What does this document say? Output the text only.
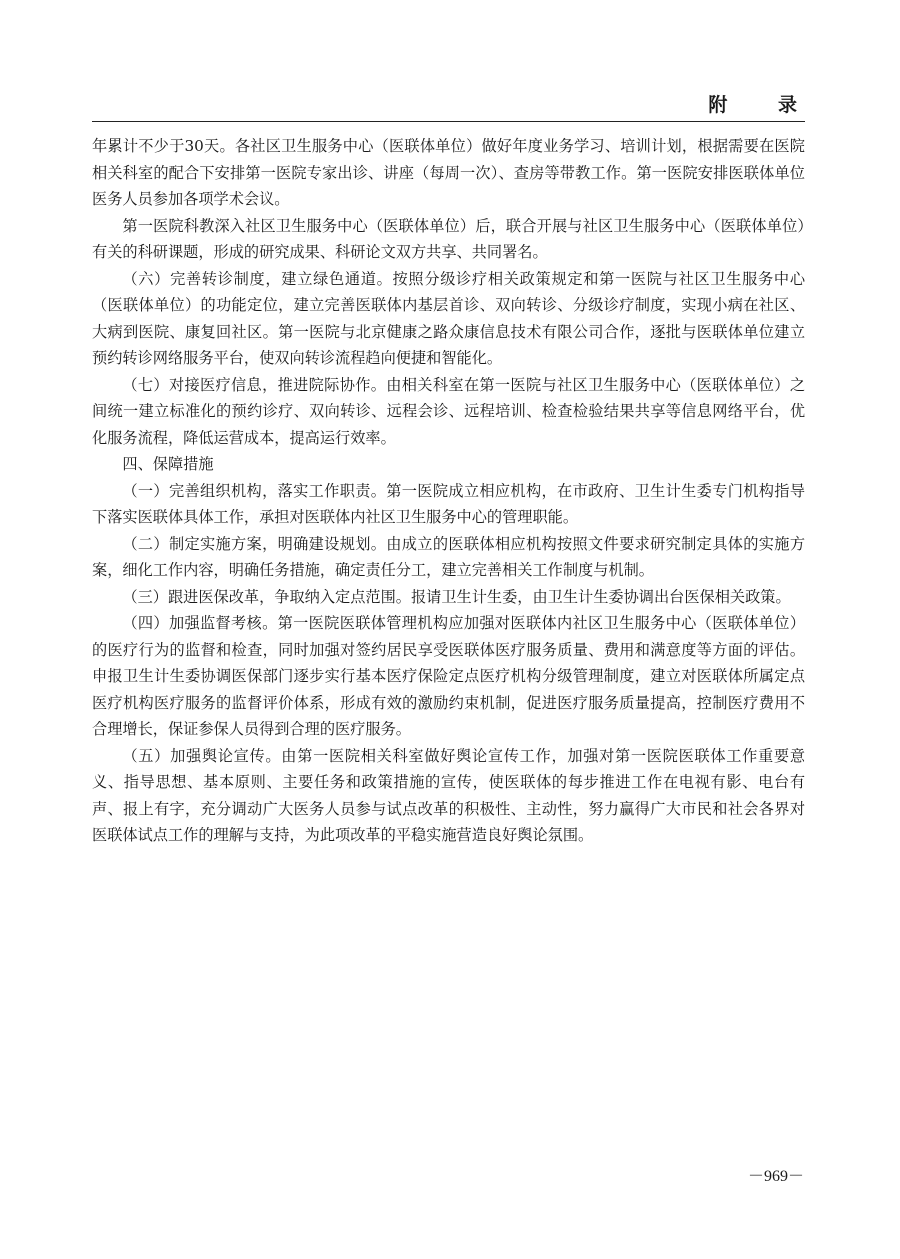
附 录

年累计不少于30天。各社区卫生服务中心（医联体单位）做好年度业务学习、培训计划，根据需要在医院相关科室的配合下安排第一医院专家出诊、讲座（每周一次）、查房等带教工作。第一医院安排医联体单位医务人员参加各项学术会议。

第一医院科教深入社区卫生服务中心（医联体单位）后，联合开展与社区卫生服务中心（医联体单位）有关的科研课题，形成的研究成果、科研论文双方共享、共同署名。

（六）完善转诊制度，建立绿色通道。按照分级诊疗相关政策规定和第一医院与社区卫生服务中心（医联体单位）的功能定位，建立完善医联体内基层首诊、双向转诊、分级诊疗制度，实现小病在社区、大病到医院、康复回社区。第一医院与北京健康之路众康信息技术有限公司合作，逐批与医联体单位建立预约转诊网络服务平台，使双向转诊流程趋向便捷和智能化。

（七）对接医疗信息，推进院际协作。由相关科室在第一医院与社区卫生服务中心（医联体单位）之间统一建立标准化的预约诊疗、双向转诊、远程会诊、远程培训、检查检验结果共享等信息网络平台，优化服务流程，降低运营成本，提高运行效率。

四、保障措施

（一）完善组织机构，落实工作职责。第一医院成立相应机构，在市政府、卫生计生委专门机构指导下落实医联体具体工作，承担对医联体内社区卫生服务中心的管理职能。

（二）制定实施方案，明确建设规划。由成立的医联体相应机构按照文件要求研究制定具体的实施方案，细化工作内容，明确任务措施，确定责任分工，建立完善相关工作制度与机制。

（三）跟进医保改革，争取纳入定点范围。报请卫生计生委，由卫生计生委协调出台医保相关政策。

（四）加强监督考核。第一医院医联体管理机构应加强对医联体内社区卫生服务中心（医联体单位）的医疗行为的监督和检查，同时加强对签约居民享受医联体医疗服务质量、费用和满意度等方面的评估。申报卫生计生委协调医保部门逐步实行基本医疗保险定点医疗机构分级管理制度，建立对医联体所属定点医疗机构医疗服务的监督评价体系，形成有效的激励约束机制，促进医疗服务质量提高，控制医疗费用不合理增长，保证参保人员得到合理的医疗服务。

（五）加强舆论宣传。由第一医院相关科室做好舆论宣传工作，加强对第一医院医联体工作重要意义、指导思想、基本原则、主要任务和政策措施的宣传，使医联体的每步推进工作在电视有影、电台有声、报上有字，充分调动广大医务人员参与试点改革的积极性、主动性，努力赢得广大市民和社会各界对医联体试点工作的理解与支持，为此项改革的平稳实施营造良好舆论氛围。

－969－
